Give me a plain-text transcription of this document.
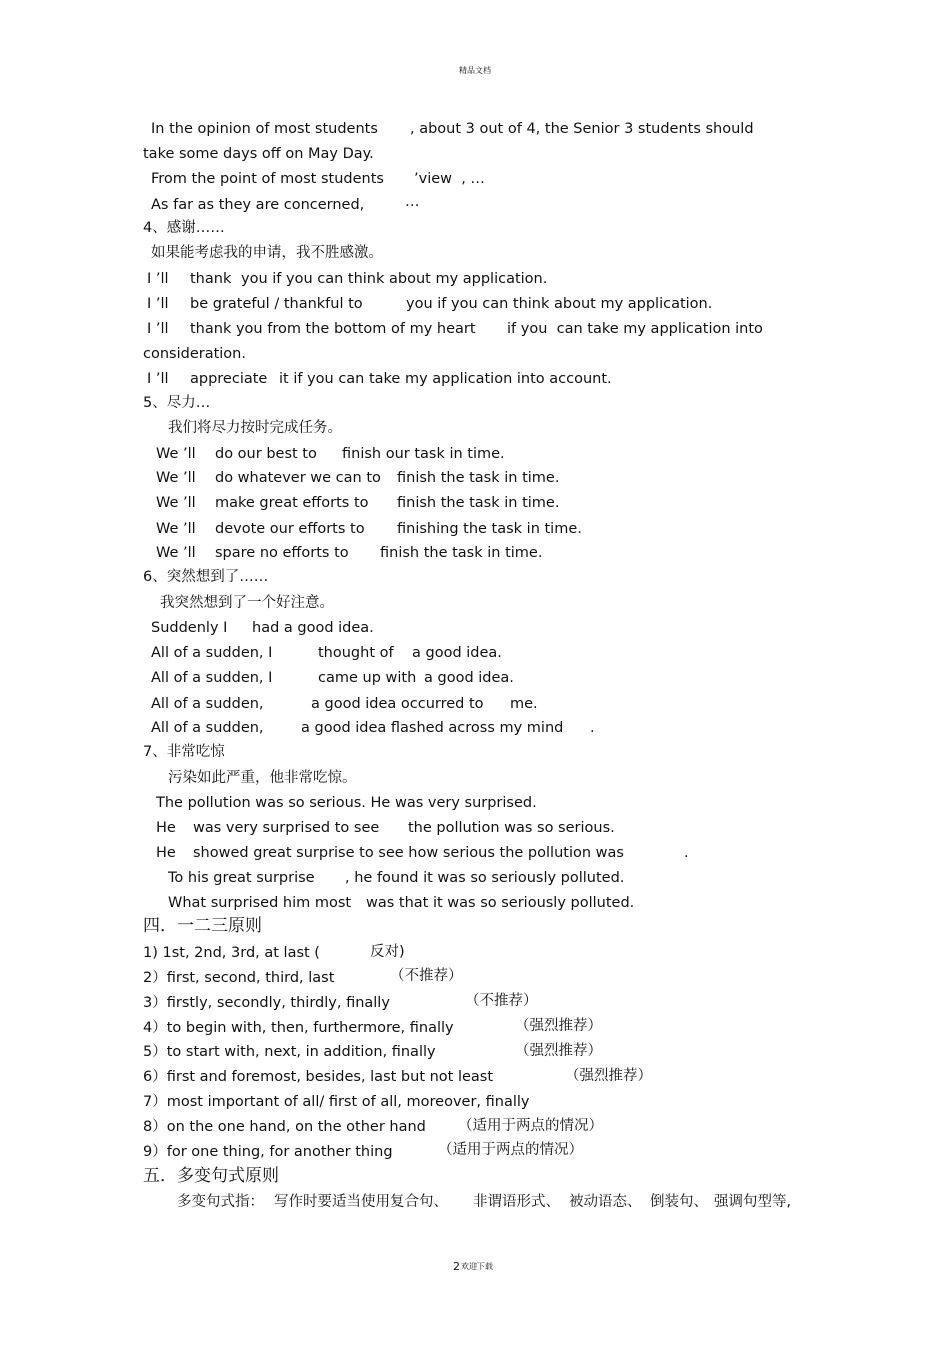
精品文档
In the opinion of most students , about 3 out of 4, the Senior 3 students should
take some days off on May Day.
From the point of most students ’view  , …
As far as they are concerned,	…
4、感谢……
如果能考虑我的申请，我不胜感激。
I ’ll thank you if you can think about my application.
I ’ll be grateful / thankful to	you if you can think about my application.
I ’ll thank you from the bottom of my heart if you  can take my application into
consideration.
I ’ll appreciate it if you can take my application into account.
5、尽力…
我们将尽力按时完成任务。
We ’ll do our best to finish our task in time.
We ’ll do whatever we can to finish the task in time.
We ’ll make great efforts to finish the task in time.
We ’ll devote our efforts to finishing the task in time.
We ’ll spare no efforts to finish the task in time.
6、突然想到了……
我突然想到了一个好注意。
Suddenly I had a good idea.
All of a sudden, I	thought of a good idea.
All of a sudden, I	came up with a good idea.
All of a sudden,	a good idea occurred to me.
All of a sudden,	a good idea flashed across my mind .
7、非常吃惊
污染如此严重，他非常吃惊。
The pollution was so serious. He was very surprised.
He was very surprised to see the pollution was so serious.
He showed great surprise to see how serious the pollution was	.
To his great surprise , he found it was so seriously polluted.
What surprised him most was that it was so seriously polluted.
四．一二三原则
1) 1st, 2nd, 3rd, at last (	反对)
2）first, second, third, last	（不推荐）
3）firstly, secondly, thirdly, finally	（不推荐）
4）to begin with, then, furthermore, finally	（强烈推荐）
5）to start with, next, in addition, finally	（强烈推荐）
6）first and foremost, besides, last but not least	（强烈推荐）
7）most important of all/ first of all, moreover, finally
8）on the one hand, on the other hand （适用于两点的情况）
9）for one thing, for another thing	（适用于两点的情况）
五．多变句式原则
多变句式指： 写作时要适当使用复合句、 非谓语形式、 被动语态、 倒装句、 强调句型等,
2 欢迎下载
